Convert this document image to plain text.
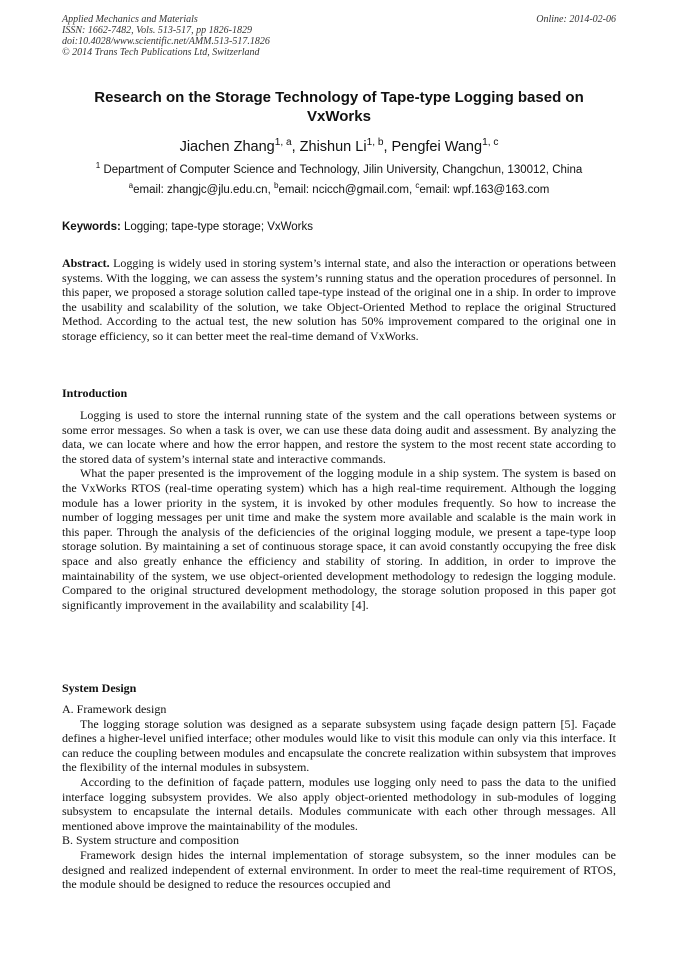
Applied Mechanics and Materials
ISSN: 1662-7482, Vols. 513-517, pp 1826-1829
doi:10.4028/www.scientific.net/AMM.513-517.1826
© 2014 Trans Tech Publications Ltd, Switzerland
Online: 2014-02-06
Research on the Storage Technology of Tape-type Logging based on VxWorks
Jiachen Zhang$^{1, a}$, Zhishun Li$^{1, b}$, Pengfei Wang$^{1, c}$
$^1$ Department of Computer Science and Technology, Jilin University, Changchun, 130012, China
$^a$email: zhangjc@jlu.edu.cn, $^b$email: ncicch@gmail.com, $^c$email: wpf.163@163.com
Keywords: Logging; tape-type storage; VxWorks

Abstract. Logging is widely used in storing system’s internal state, and also the interaction or operations between systems. With the logging, we can assess the system’s running status and the operation procedures of personnel. In this paper, we proposed a storage solution called tape-type instead of the original one in a ship. In order to improve the usability and scalability of the solution, we take Object-Oriented Method to replace the original Structured Method. According to the actual test, the new solution has 50% improvement compared to the original one in storage efficiency, so it can better meet the real-time demand of VxWorks.

Introduction

Logging is used to store the internal running state of the system and the call operations between systems or some error messages. So when a task is over, we can use these data doing audit and assessment. By analyzing the data, we can locate where and how the error happen, and restore the system to the most recent state according to the stored data of system’s internal state and interactive commands.

What the paper presented is the improvement of the logging module in a ship system. The system is based on the VxWorks RTOS (real-time operating system) which has a high real-time requirement. Although the logging module has a lower priority in the system, it is invoked by other modules frequently. So how to increase the number of logging messages per unit time and make the system more available and scalable is the main work in this paper. Through the analysis of the deficiencies of the original logging module, we present a tape-type loop storage solution. By maintaining a set of continuous storage space, it can avoid constantly occupying the free disk space and also greatly enhance the efficiency and stability of storing. In addition, in order to improve the maintainability of the system, we use object-oriented development methodology to redesign the logging module. Compared to the original structured development methodology, the storage solution proposed in this paper got significantly improvement in the availability and scalability [4].

System Design

A. Framework design

The logging storage solution was designed as a separate subsystem using façade design pattern [5]. Façade defines a higher-level unified interface; other modules would like to visit this module can only via this interface. It can reduce the coupling between modules and encapsulate the concrete realization within subsystem that improves the flexibility of the internal modules in subsystem.

According to the definition of façade pattern, modules use logging only need to pass the data to the unified interface logging subsystem provides. We also apply object-oriented methodology in sub-modules of logging subsystem to encapsulate the internal details. Modules communicate with each other through messages. All mentioned above improve the maintainability of the modules.

B. System structure and composition

Framework design hides the internal implementation of storage subsystem, so the inner modules can be designed and realized independent of external environment. In order to meet the real-time requirement of RTOS, the module should be designed to reduce the resources occupied and
